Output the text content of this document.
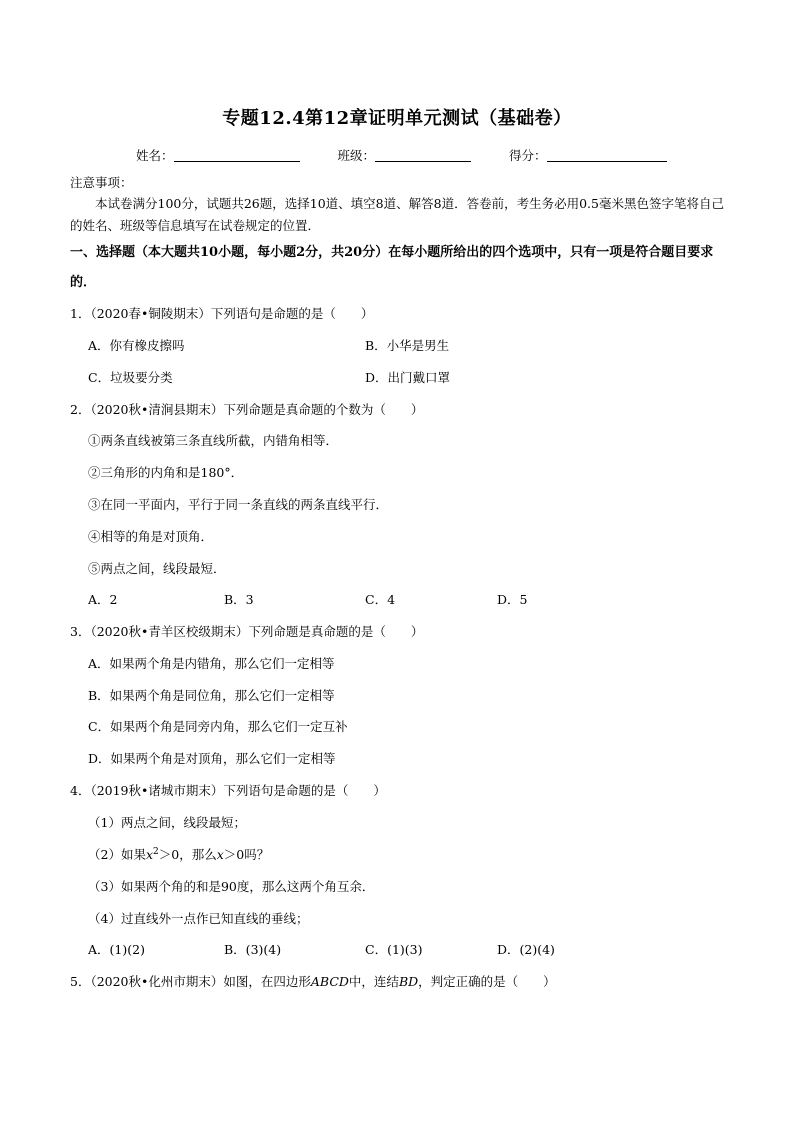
专题12.4第12章证明单元测试（基础卷）
姓名：	班级：	得分：
注意事项：
本试卷满分100分，试题共26题，选择10道、填空8道、解答8道．答卷前，考生务必用0.5毫米黑色签字笔将自己的姓名、班级等信息填写在试卷规定的位置．
一、选择题（本大题共10小题，每小题2分，共20分）在每小题所给出的四个选项中，只有一项是符合题目要求的．
1．（2020春•铜陵期末）下列语句是命题的是（　　）
A．你有橡皮擦吗	B．小华是男生
C．垃圾要分类	D．出门戴口罩
2．（2020秋•清涧县期末）下列命题是真命题的个数为（　　）
①两条直线被第三条直线所截，内错角相等．
②三角形的内角和是180°．
③在同一平面内，平行于同一条直线的两条直线平行．
④相等的角是对顶角．
⑤两点之间，线段最短．
A．2	B．3	C．4	D．5
3．（2020秋•青羊区校级期末）下列命题是真命题的是（　　）
A．如果两个角是内错角，那么它们一定相等
B．如果两个角是同位角，那么它们一定相等
C．如果两个角是同旁内角，那么它们一定互补
D．如果两个角是对顶角，那么它们一定相等
4．（2019秋•诸城市期末）下列语句是命题的是（　　）
（1）两点之间，线段最短；
（2）如果$x^2>0$，那么x＞0吗？
（3）如果两个角的和是90度，那么这两个角互余．
（4）过直线外一点作已知直线的垂线；
A．(1)(2)	B．(3)(4)	C．(1)(3)	D．(2)(4)
5．（2020秋•化州市期末）如图，在四边形ABCD中，连结BD，判定正确的是（　　）
